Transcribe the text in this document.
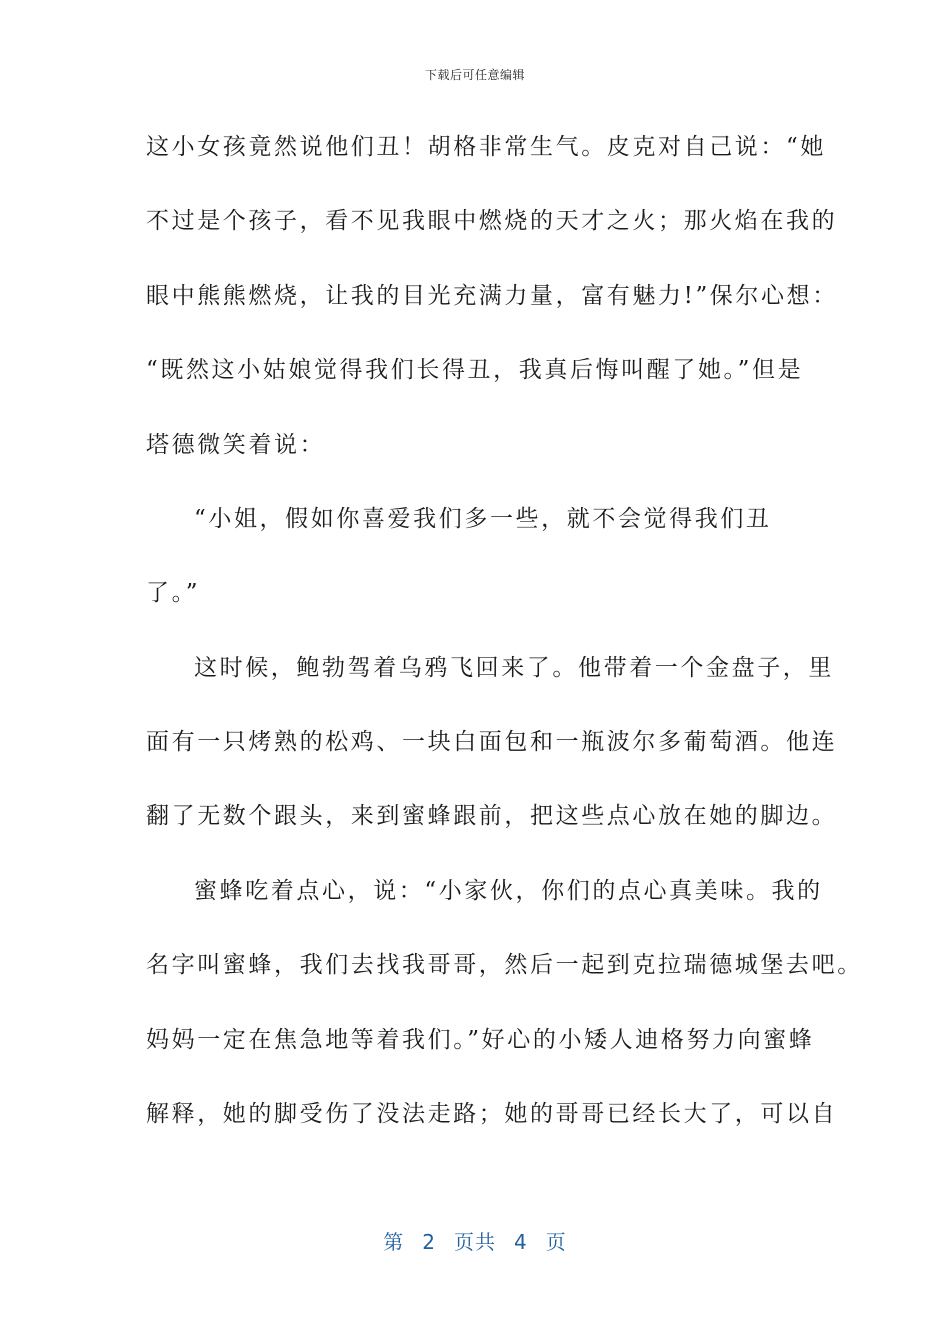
下载后可任意编辑
这小女孩竟然说他们丑！胡格非常生气。皮克对自己说：“她
不过是个孩子，看不见我眼中燃烧的天才之火；那火焰在我的
眼中熊熊燃烧，让我的目光充满力量，富有魅力!”保尔心想：
“既然这小姑娘觉得我们长得丑，我真后悔叫醒了她。”但是
塔德微笑着说：
“小姐，假如你喜爱我们多一些，就不会觉得我们丑
了。”
这时候，鲍勃驾着乌鸦飞回来了。他带着一个金盘子，里
面有一只烤熟的松鸡、一块白面包和一瓶波尔多葡萄酒。他连
翻了无数个跟头，来到蜜蜂跟前，把这些点心放在她的脚边。
蜜蜂吃着点心，说：“小家伙，你们的点心真美味。我的
名字叫蜜蜂，我们去找我哥哥，然后一起到克拉瑞德城堡去吧。
妈妈一定在焦急地等着我们。”好心的小矮人迪格努力向蜜蜂
解释，她的脚受伤了没法走路；她的哥哥已经长大了，可以自
第 2 页共 4 页
